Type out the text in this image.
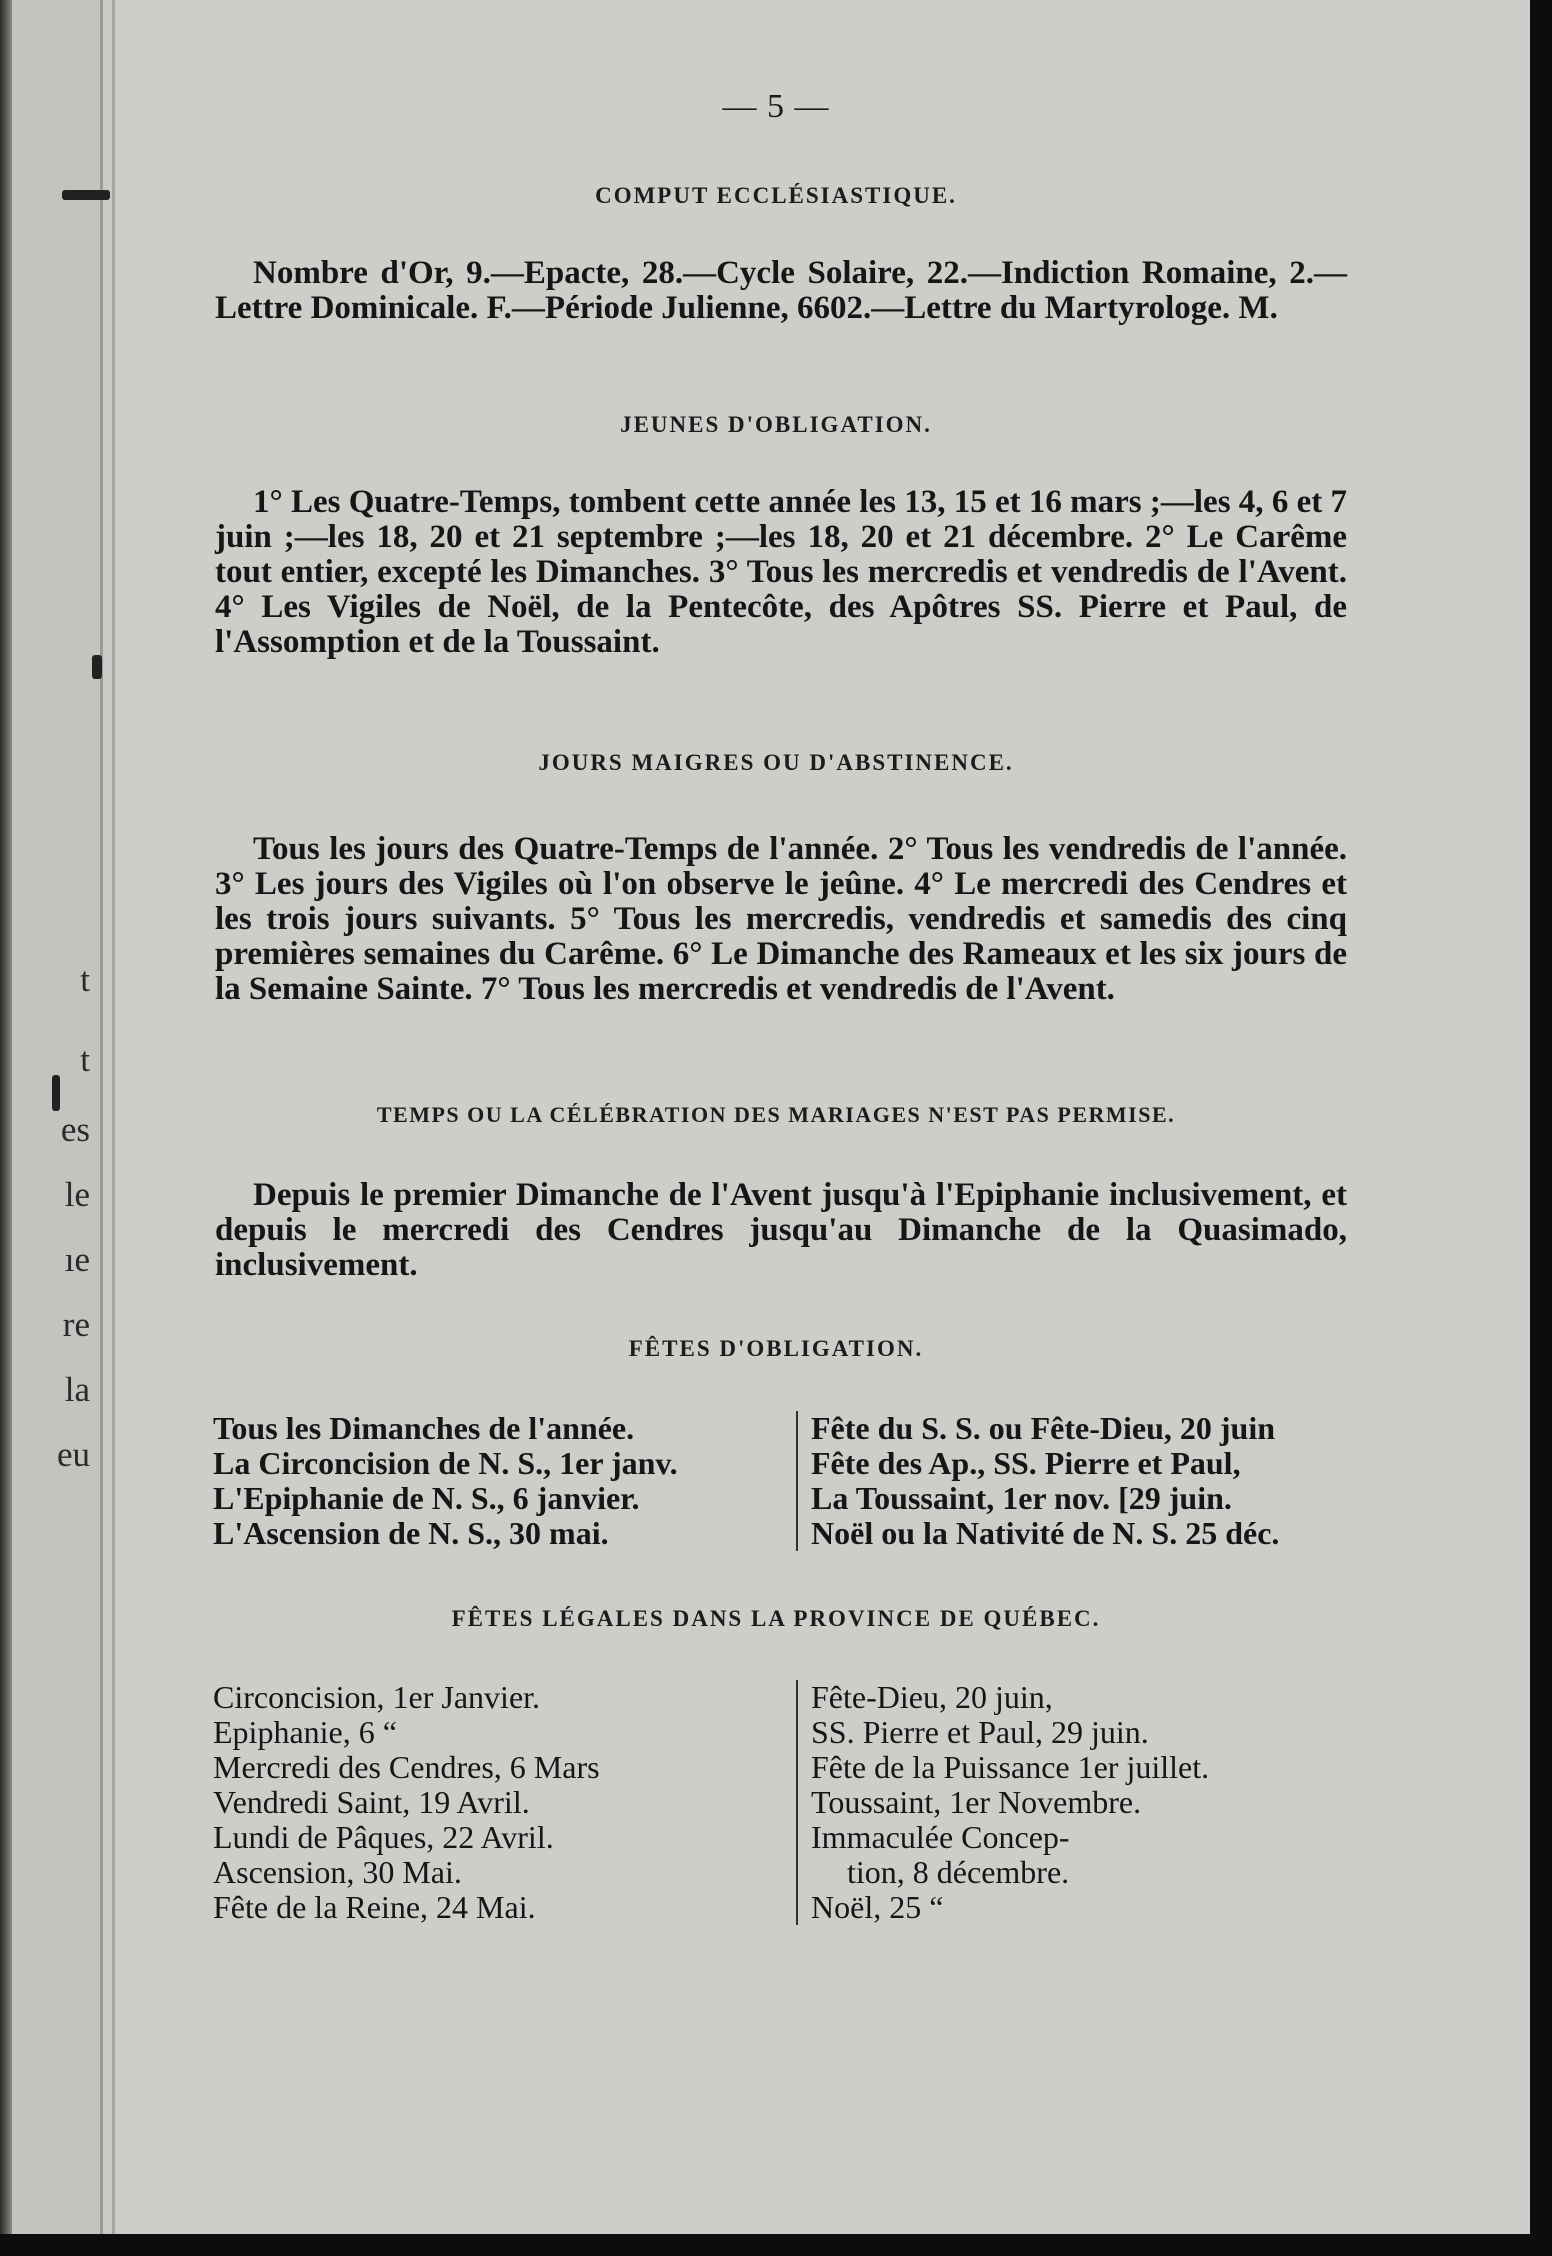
t
t
es
le
ıe
re
la
eu
— 5 —
COMPUT ECCLÉSIASTIQUE.
Nombre d'Or, 9.—Epacte, 28.—Cycle Solaire, 22.—Indiction Romaine, 2.—Lettre Dominicale. F.—Période Julienne, 6602.—Lettre du Martyrologe. M.
JEUNES D'OBLIGATION.
1° Les Quatre-Temps, tombent cette année les 13, 15 et 16 mars ;—les 4, 6 et 7 juin ;—les 18, 20 et 21 septembre ;—les 18, 20 et 21 décembre. 2° Le Carême tout entier, excepté les Dimanches. 3° Tous les mercredis et vendredis de l'Avent. 4° Les Vigiles de Noël, de la Pentecôte, des Apôtres SS. Pierre et Paul, de l'Assomption et de la Toussaint.
JOURS MAIGRES OU D'ABSTINENCE.
Tous les jours des Quatre-Temps de l'année. 2° Tous les vendredis de l'année. 3° Les jours des Vigiles où l'on observe le jeûne. 4° Le mercredi des Cendres et les trois jours suivants. 5° Tous les mercredis, vendredis et samedis des cinq premières semaines du Carême. 6° Le Dimanche des Rameaux et les six jours de la Semaine Sainte. 7° Tous les mercredis et vendredis de l'Avent.
TEMPS OU LA CÉLÉBRATION DES MARIAGES N'EST PAS PERMISE.
Depuis le premier Dimanche de l'Avent jusqu'à l'Epiphanie inclusivement, et depuis le mercredi des Cendres jusqu'au Dimanche de la Quasimado, inclusivement.
FÊTES D'OBLIGATION.
Tous les Dimanches de l'année.
La Circoncision de N. S., 1er janv.
L'Epiphanie de N. S., 6 janvier.
L'Ascension de N. S., 30 mai.
Fête du S. S. ou Fête-Dieu, 20 juin
Fête des Ap., SS. Pierre et Paul,
La Toussaint, 1er nov. [29 juin.
Noël ou la Nativité de N. S. 25 déc.
FÊTES LÉGALES DANS LA PROVINCE DE QUÉBEC.
Circoncision, 1er Janvier.
Epiphanie, 6 “
Mercredi des Cendres, 6 Mars
Vendredi Saint, 19 Avril.
Lundi de Pâques, 22 Avril.
Ascension, 30 Mai.
Fête de la Reine, 24 Mai.
Fête-Dieu, 20 juin,
SS. Pierre et Paul, 29 juin.
Fête de la Puissance 1er juillet.
Toussaint, 1er Novembre.
Immaculée Concep-
tion, 8 décembre.
Noël, 25 “
